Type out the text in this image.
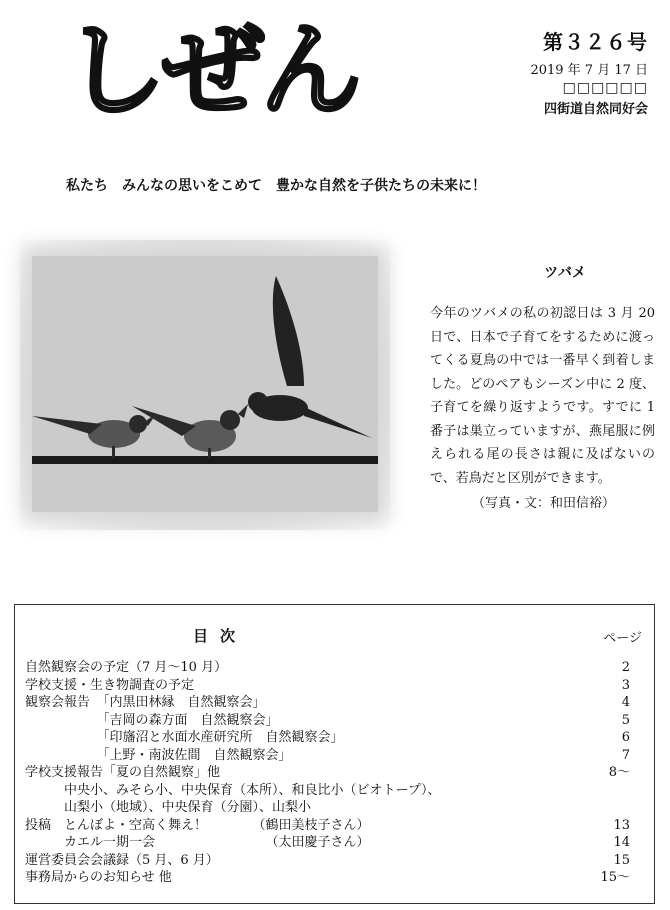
しぜん	第３２６号
2019 年 7 月 17 日
□□□□□□
四街道自然同好会
私たち　みんなの思いをこめて　豊かな自然を子供たちの未来に！
ツバメ
今年のツバメの私の初認日は 3 月 20 日で、日本で子育てをするために渡ってくる夏鳥の中では一番早く到着しました。どのペアもシーズン中に 2 度、子育てを繰り返すようです。すでに 1 番子は巣立っていますが、燕尾服に例えられる尾の長さは親に及ばないので、若鳥だと区別ができます。
（写真・文：和田信裕）
目次	ページ
自然観察会の予定（7 月～10 月）	2
学校支援・生き物調査の予定	3
観察会報告　「内黒田林縁　自然観察会」	4
　　　　　　「吉岡の森方面　自然観察会」	5
　　　　　　「印旛沼と水面水産研究所　自然観察会」	6
　　　　　　「上野・南波佐間　自然観察会」	7
学校支援報告「夏の自然観察」他	8～
　　　中央小、みそら小、中央保育（本所）、和良比小（ビオトープ）、
　　　山梨小（地域）、中央保育（分園）、山梨小
投稿　とんぼよ・空高く舞え！　　　　（鶴田美枝子さん）	13
　　　カエル一期一会　　　　　　　　　（太田慶子さん）	14
運営委員会会議録（5 月、6 月）	15
事務局からのお知らせ 他	15～
